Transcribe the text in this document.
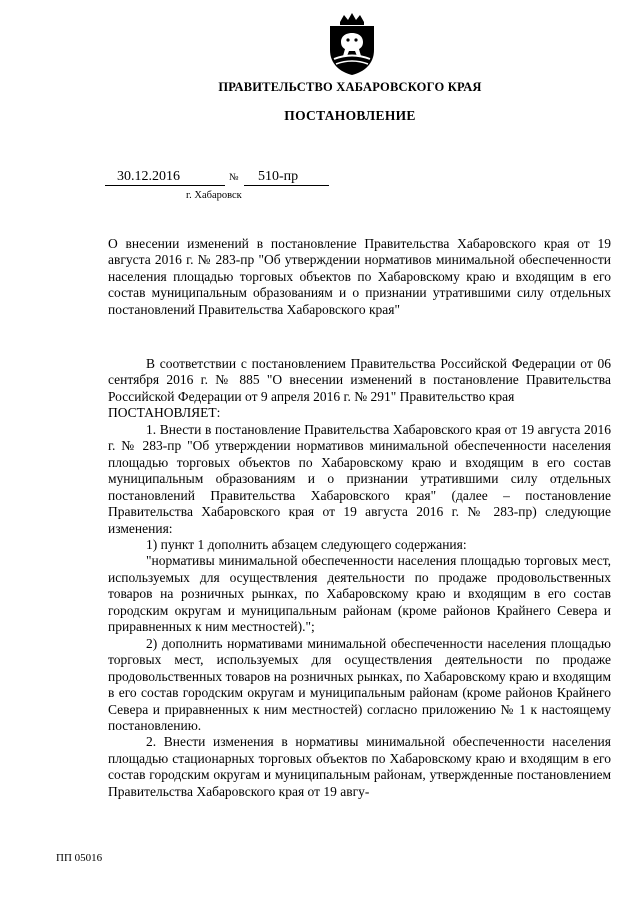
ПРАВИТЕЛЬСТВО ХАБАРОВСКОГО КРАЯ
ПОСТАНОВЛЕНИЕ
30.12.2016	№	510-пр
г. Хабаровск
О внесении изменений в постановление Правительства Хабаровского края от 19 августа 2016 г. № 283-пр "Об утверждении нормативов минимальной обеспеченности населения площадью торговых объектов по Хабаровскому краю и входящим в его состав муниципальным образованиям и о признании утратившими силу отдельных постановлений Правительства Хабаровского края"

В соответствии с постановлением Правительства Российской Федерации от 06 сентября 2016 г. № 885 "О внесении изменений в постановление Правительства Российской Федерации от 9 апреля 2016 г. № 291" Правительство края

ПОСТАНОВЛЯЕТ:

1. Внести в постановление Правительства Хабаровского края от 19 августа 2016 г. № 283-пр "Об утверждении нормативов минимальной обеспеченности населения площадью торговых объектов по Хабаровскому краю и входящим в его состав муниципальным образованиям и о признании утратившими силу отдельных постановлений Правительства Хабаровского края" (далее – постановление Правительства Хабаровского края от 19 августа 2016 г. № 283-пр) следующие изменения:

1) пункт 1 дополнить абзацем следующего содержания:

"нормативы минимальной обеспеченности населения площадью торговых мест, используемых для осуществления деятельности по продаже продовольственных товаров на розничных рынках, по Хабаровскому краю и входящим в его состав городским округам и муниципальным районам (кроме районов Крайнего Севера и приравненных к ним местностей).";

2) дополнить нормативами минимальной обеспеченности населения площадью торговых мест, используемых для осуществления деятельности по продаже продовольственных товаров на розничных рынках, по Хабаровскому краю и входящим в его состав городским округам и муниципальным районам (кроме районов Крайнего Севера и приравненных к ним местностей) согласно приложению № 1 к настоящему постановлению.

2. Внести изменения в нормативы минимальной обеспеченности населения площадью стационарных торговых объектов по Хабаровскому краю и входящим в его состав городским округам и муниципальным районам, утвержденные постановлением Правительства Хабаровского края от 19 авгу-

ПП 05016
